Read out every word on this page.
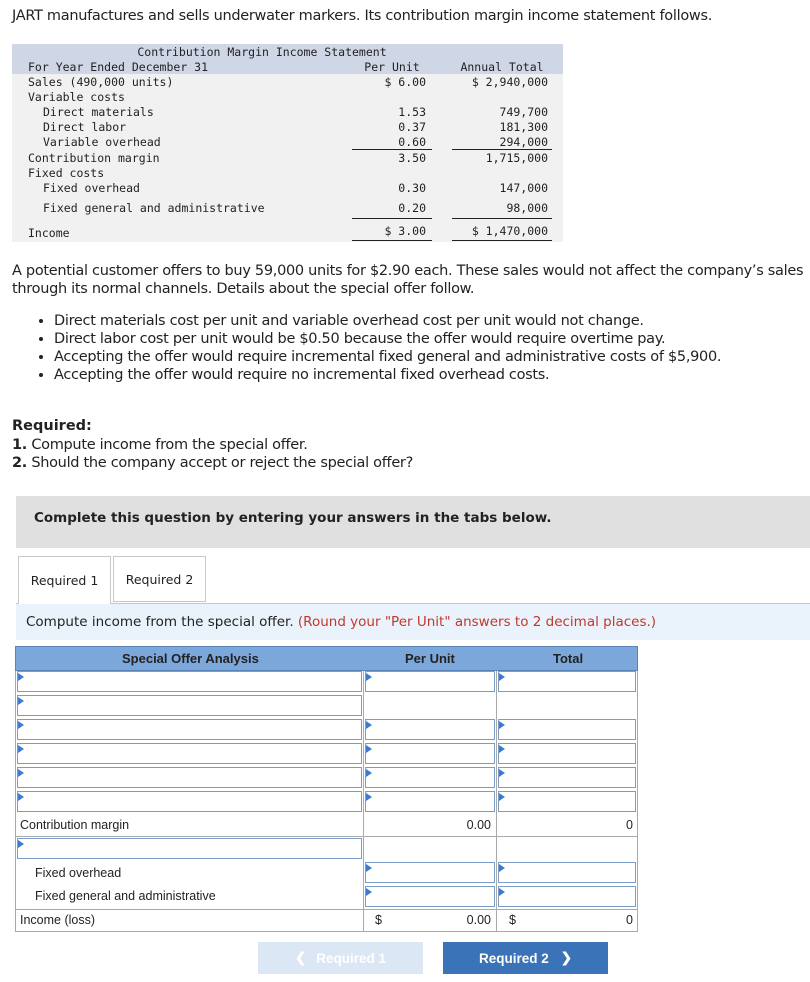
JART manufactures and sells underwater markers. Its contribution margin income statement follows.
Contribution Margin Income Statement
For Year Ended December 31	Per Unit	Annual Total
Sales (490,000 units)	$ 6.00	$ 2,940,000
Variable costs
Direct materials	1.53	749,700
Direct labor	0.37	181,300
Variable overhead	0.60	294,000
Contribution margin	3.50	1,715,000
Fixed costs
Fixed overhead	0.30	147,000
Fixed general and administrative	0.20	98,000
Income	$ 3.00	$ 1,470,000
A potential customer offers to buy 59,000 units for $2.90 each. These sales would not affect the company’s sales
through its normal channels. Details about the special offer follow.
• Direct materials cost per unit and variable overhead cost per unit would not change.
• Direct labor cost per unit would be $0.50 because the offer would require overtime pay.
• Accepting the offer would require incremental fixed general and administrative costs of $5,900.
• Accepting the offer would require no incremental fixed overhead costs.
Required:
1. Compute income from the special offer.
2. Should the company accept or reject the special offer?
Complete this question by entering your answers in the tabs below.
Required 1	Required 2
Compute income from the special offer. (Round your "Per Unit" answers to 2 decimal places.)
Special Offer Analysis	Per Unit	Total
Contribution margin	0.00	0
Fixed overhead
Fixed general and administrative
Income (loss)	$	0.00 $	0
❮ Required 1	Required 2 ❯
